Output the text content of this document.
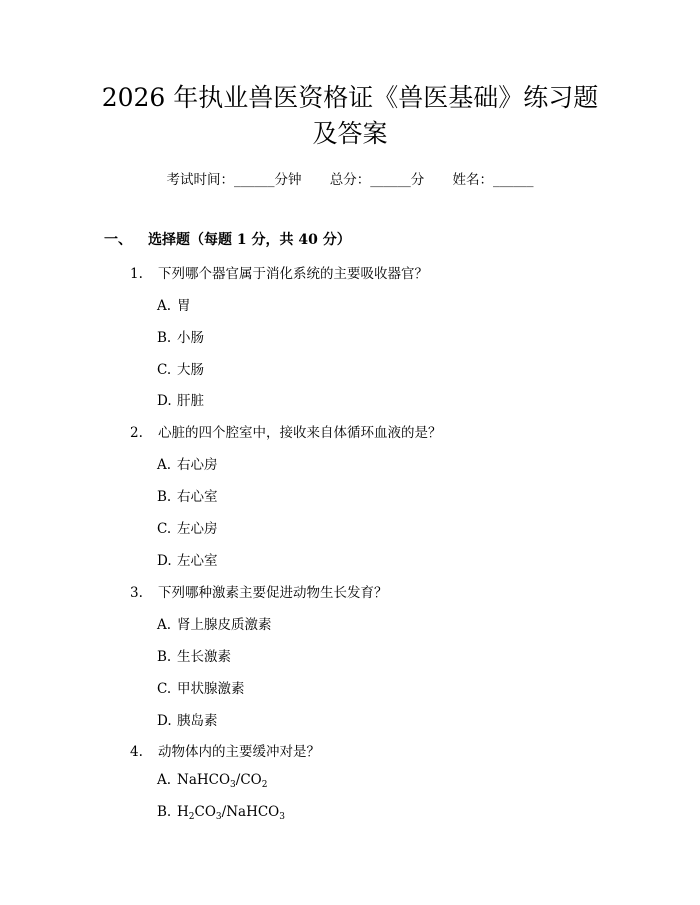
2026 年执业兽医资格证《兽医基础》练习题
及答案
考试时间：______分钟 总分：______分 姓名：______
一、 选择题（每题 1 分，共 40 分）
1. 下列哪个器官属于消化系统的主要吸收器官？
A. 胃
B. 小肠
C. 大肠
D. 肝脏
2. 心脏的四个腔室中，接收来自体循环血液的是？
A. 右心房
B. 右心室
C. 左心房
D. 左心室
3. 下列哪种激素主要促进动物生长发育？
A. 肾上腺皮质激素
B. 生长激素
C. 甲状腺激素
D. 胰岛素
4. 动物体内的主要缓冲对是？
A. $NaHCO_3/CO_2$
B. $H_2CO_3/NaHCO_3$
